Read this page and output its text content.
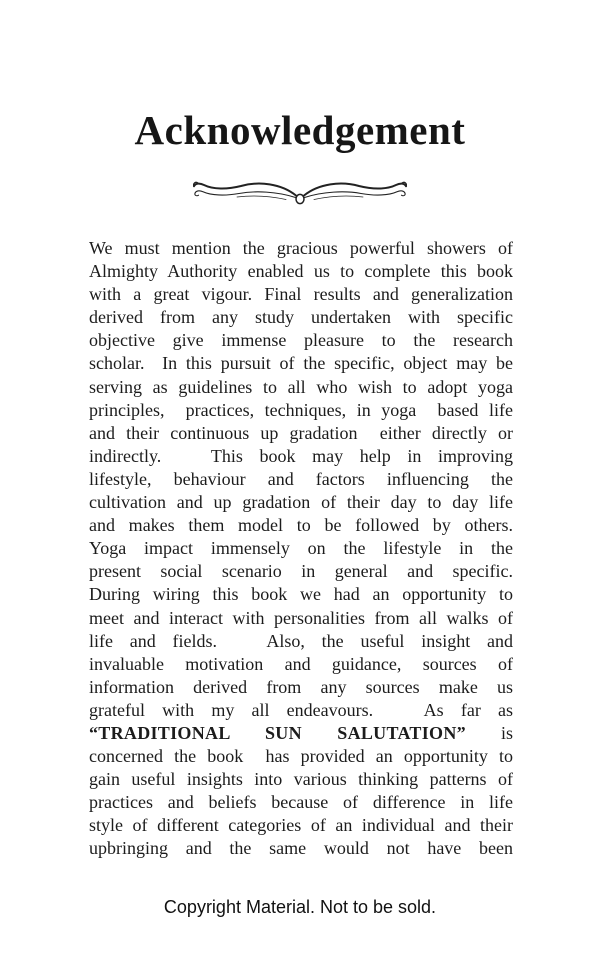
Acknowledgement
We must mention the gracious powerful showers of
Almighty Authority enabled us to complete this book
with a great vigour. Final results and generalization
derived from any study undertaken with specific
objective give immense pleasure to the research
scholar.  In this pursuit of the specific, object may be
serving as guidelines to all who wish to adopt yoga
principles,  practices, techniques, in yoga  based life
and their continuous up gradation  either directly or
indirectly.   This book may help in improving
lifestyle, behaviour and factors influencing the
cultivation and up gradation of their day to day life
and makes them model to be followed by others.
Yoga impact immensely on the lifestyle in the
present social scenario in general and specific.
During wiring this book we had an opportunity to
meet and interact with personalities from all walks of
life and fields.   Also, the useful insight and
invaluable motivation and guidance, sources of
information derived from any sources make us
grateful with my all endeavours.   As far as
“TRADITIONAL SUN SALUTATION” is
concerned the book  has provided an opportunity to
gain useful insights into various thinking patterns of
practices and beliefs because of difference in life
style of different categories of an individual and their
upbringing and the same would not have been
Copyright Material. Not to be sold.
